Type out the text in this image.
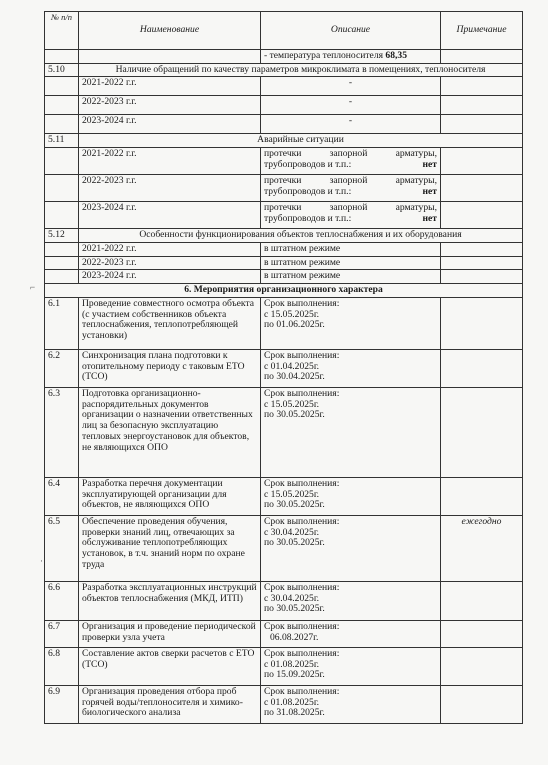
⌐
·
№ п/п	Наименование	Описание	Примечание
		- температура теплоносителя 68,35	
5.10	Наличие обращений по качеству параметров микроклимата в помещениях, теплоносителя		
	2021-2022 г.г.	-	
	2022-2023 г.г.	-	
	2023-2024 г.г.	-	
5.11	Аварийные ситуации		
	2021-2022 г.г.	протечки запорной арматуры,
трубопроводов и т.п.: нет	

	2022-2023 г.г.	протечки запорной арматуры,
трубопроводов и т.п.: нет	

	2023-2024 г.г.	протечки запорной арматуры,
трубопроводов и т.п.: нет	

5.12	Особенности функционирования объектов теплоснабжения и их оборудования		
	2021-2022 г.г.	в штатном режиме	
	2022-2023 г.г.	в штатном режиме	
	2023-2024 г.г.	в штатном режиме	
6. Мероприятия организационного характера			
6.1	Проведение совместного осмотра объекта (с участием собственников объекта теплоснабжения, теплопотребляющей установки)	Срок выполнения:
с 15.05.2025г.
по 01.06.2025г.	

6.2	Синхронизация плана подготовки к отопительному периоду с таковым ЕТО (ТСО)	Срок выполнения:
с 01.04.2025г.
по 30.04.2025г.	

6.3	Подготовка организационно-распорядительных документов организации о назначении ответственных лиц за безопасную эксплуатацию тепловых энергоустановок для объектов, не являющихся ОПО	Срок выполнения:
с 15.05.2025г.
по 30.05.2025г.	

6.4	Разработка перечня документации эксплуатирующей организации для объектов, не являющихся ОПО	Срок выполнения:
с 15.05.2025г.
по 30.05.2025г.	

6.5	Обеспечение проведения обучения, проверки знаний лиц, отвечающих за обслуживание теплопотребляющих установок, в т.ч. знаний норм по охране труда	Срок выполнения:
с 30.04.2025г.
по 30.05.2025г.	ежегодно
6.6	Разработка эксплуатационных инструкций объектов теплоснабжения (МКД, ИТП)	Срок выполнения:
с 30.04.2025г.
по 30.05.2025г.	

6.7	Организация и проведение периодической проверки узла учета	Срок выполнения:
06.08.2027г.	

6.8	Составление актов сверки расчетов с ЕТО (ТСО)	Срок выполнения:
с 01.08.2025г.
по 15.09.2025г.	

6.9	Организация проведения отбора проб горячей воды/теплоносителя и химико-биологического анализа	Срок выполнения:
с 01.08.2025г.
по 31.08.2025г.	
